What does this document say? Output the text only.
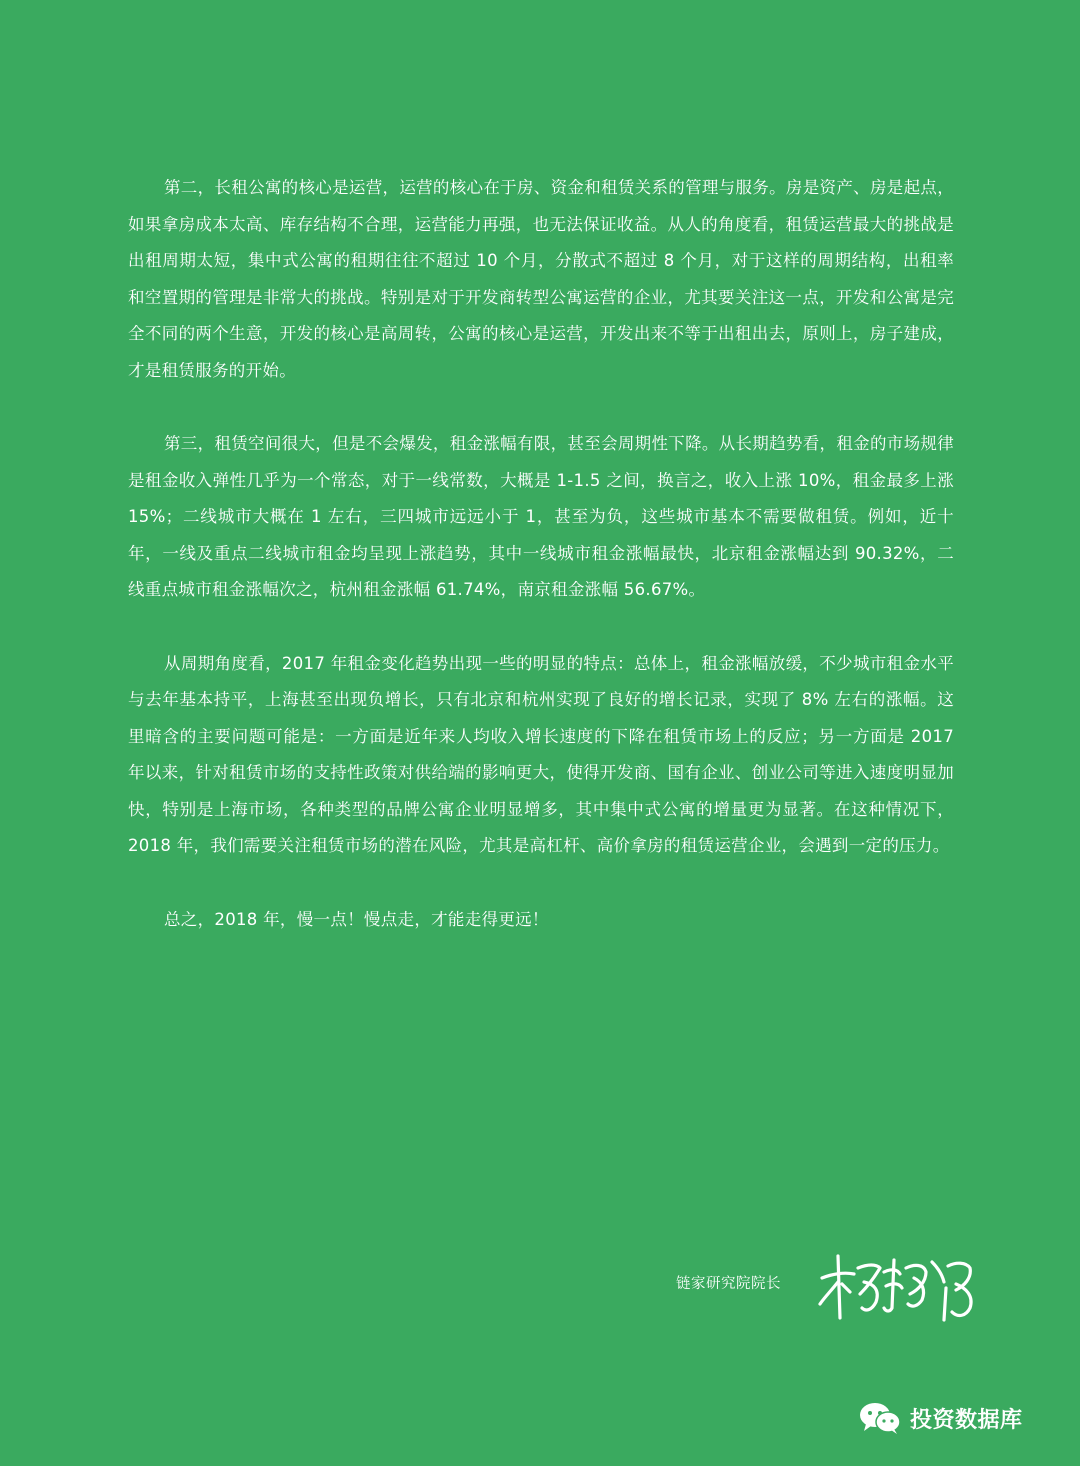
第二，长租公寓的核心是运营，运营的核心在于房、资金和租赁关系的管理与服务。房是资产、房是起点，如果拿房成本太高、库存结构不合理，运营能力再强，也无法保证收益。从人的角度看，租赁运营最大的挑战是出租周期太短，集中式公寓的租期往往不超过 10 个月，分散式不超过 8 个月，对于这样的周期结构，出租率和空置期的管理是非常大的挑战。特别是对于开发商转型公寓运营的企业，尤其要关注这一点，开发和公寓是完全不同的两个生意，开发的核心是高周转，公寓的核心是运营，开发出来不等于出租出去，原则上，房子建成，才是租赁服务的开始。

第三，租赁空间很大，但是不会爆发，租金涨幅有限，甚至会周期性下降。从长期趋势看，租金的市场规律是租金收入弹性几乎为一个常态，对于一线常数，大概是 1-1.5 之间，换言之，收入上涨 10%，租金最多上涨 15%；二线城市大概在 1 左右，三四城市远远小于 1，甚至为负，这些城市基本不需要做租赁。例如，近十年，一线及重点二线城市租金均呈现上涨趋势，其中一线城市租金涨幅最快，北京租金涨幅达到 90.32%，二线重点城市租金涨幅次之，杭州租金涨幅 61.74%，南京租金涨幅 56.67%。

从周期角度看，2017 年租金变化趋势出现一些的明显的特点：总体上，租金涨幅放缓，不少城市租金水平与去年基本持平，上海甚至出现负增长，只有北京和杭州实现了良好的增长记录，实现了 8% 左右的涨幅。这里暗含的主要问题可能是：一方面是近年来人均收入增长速度的下降在租赁市场上的反应；另一方面是 2017 年以来，针对租赁市场的支持性政策对供给端的影响更大，使得开发商、国有企业、创业公司等进入速度明显加快，特别是上海市场，各种类型的品牌公寓企业明显增多，其中集中式公寓的增量更为显著。在这种情况下，2018 年，我们需要关注租赁市场的潜在风险，尤其是高杠杆、高价拿房的租赁运营企业，会遇到一定的压力。

总之，2018 年，慢一点！慢点走，才能走得更远！

链家研究院院长
投资数据库
